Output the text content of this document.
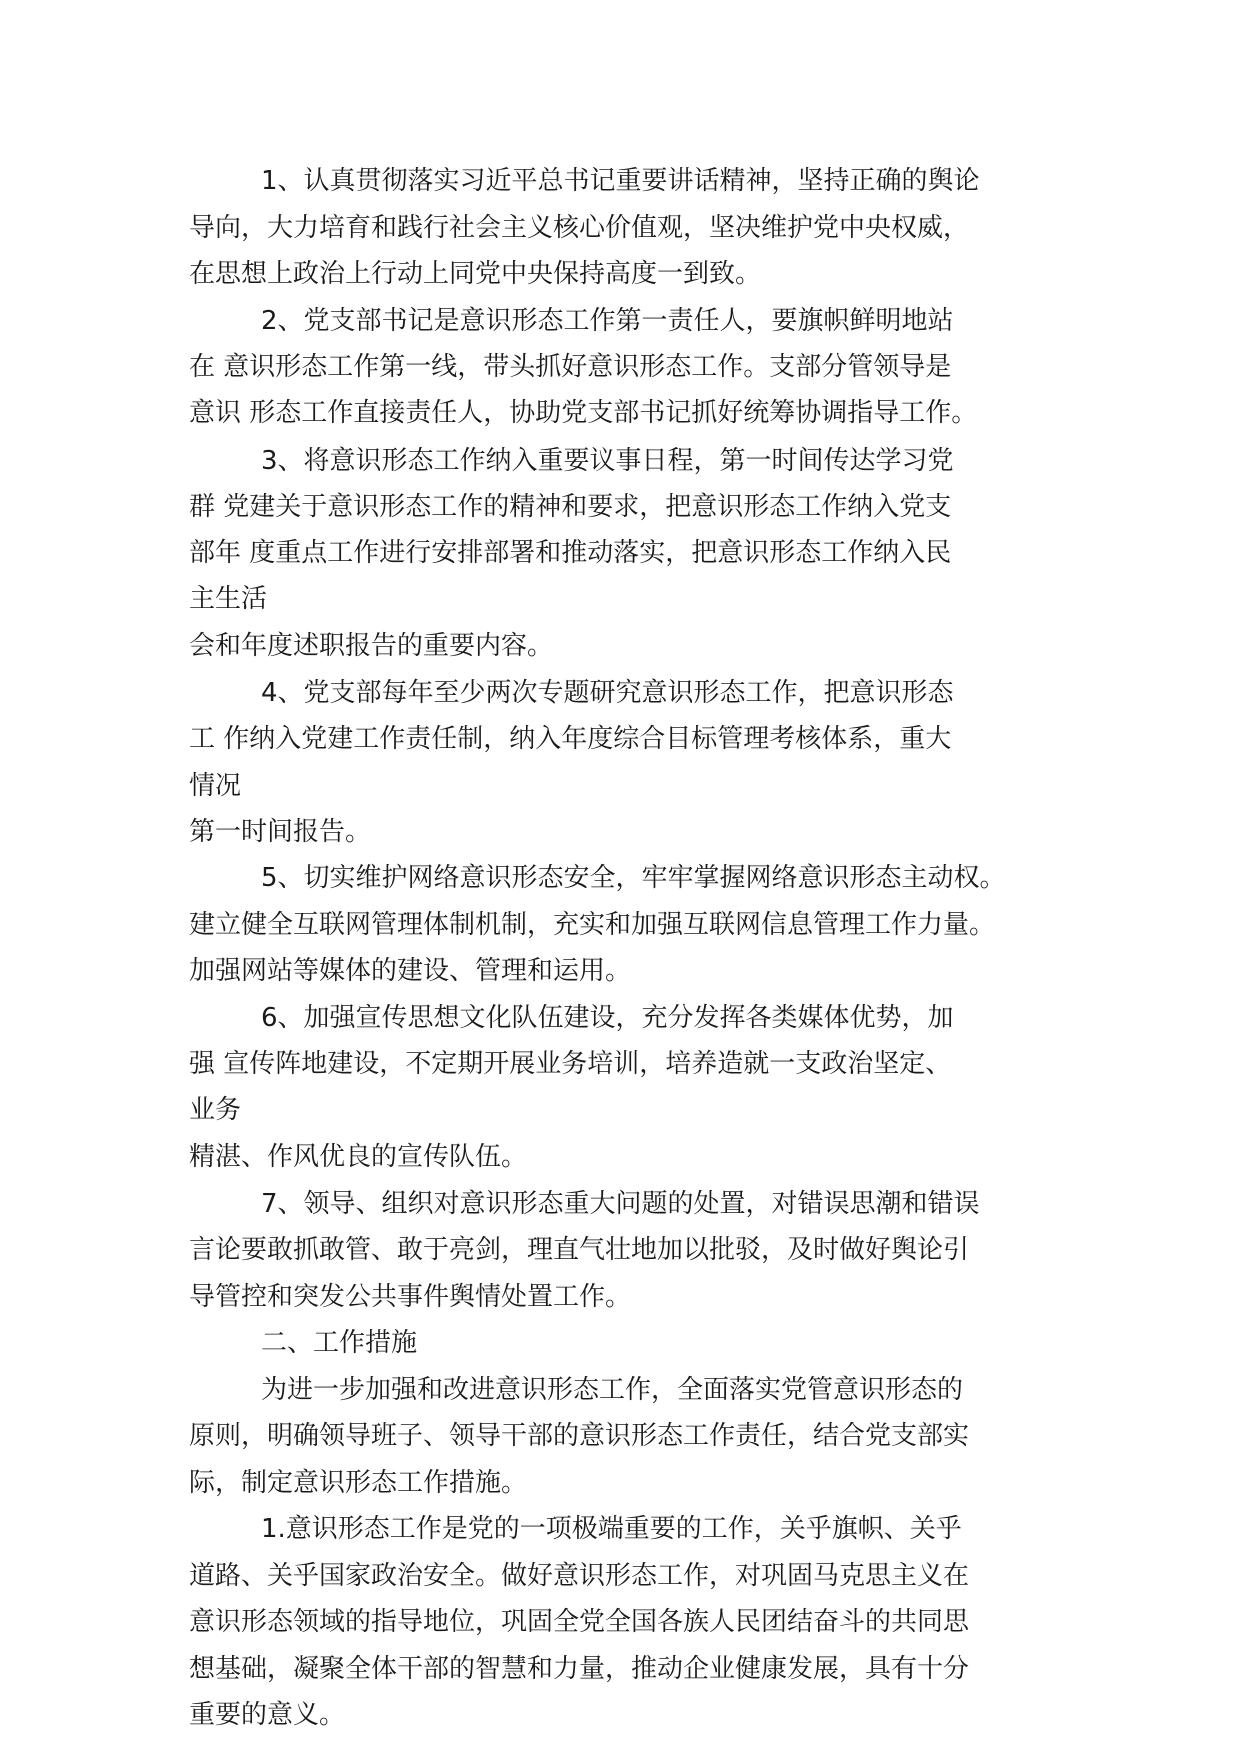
1、认真贯彻落实习近平总书记重要讲话精神，坚持正确的舆论
导向，大力培育和践行社会主义核心价值观，坚决维护党中央权威，
在思想上政治上行动上同党中央保持高度一到致。
2、党支部书记是意识形态工作第一责任人，要旗帜鲜明地站
在 意识形态工作第一线，带头抓好意识形态工作。支部分管领导是
意识 形态工作直接责任人，协助党支部书记抓好统筹协调指导工作。
3、将意识形态工作纳入重要议事日程，第一时间传达学习党
群 党建关于意识形态工作的精神和要求，把意识形态工作纳入党支
部年 度重点工作进行安排部署和推动落实，把意识形态工作纳入民
主生活
会和年度述职报告的重要内容。
4、党支部每年至少两次专题研究意识形态工作，把意识形态
工 作纳入党建工作责任制，纳入年度综合目标管理考核体系，重大
情况
第一时间报告。
5、切实维护网络意识形态安全，牢牢掌握网络意识形态主动权。
建立健全互联网管理体制机制，充实和加强互联网信息管理工作力量。
加强网站等媒体的建设、管理和运用。
6、加强宣传思想文化队伍建设，充分发挥各类媒体优势，加
强 宣传阵地建设，不定期开展业务培训，培养造就一支政治坚定、
业务
精湛、作风优良的宣传队伍。
7、领导、组织对意识形态重大问题的处置，对错误思潮和错误
言论要敢抓敢管、敢于亮剑，理直气壮地加以批驳，及时做好舆论引
导管控和突发公共事件舆情处置工作。
二、工作措施
为进一步加强和改进意识形态工作，全面落实党管意识形态的
原则，明确领导班子、领导干部的意识形态工作责任，结合党支部实
际，制定意识形态工作措施。
1.意识形态工作是党的一项极端重要的工作，关乎旗帜、关乎
道路、关乎国家政治安全。做好意识形态工作，对巩固马克思主义在
意识形态领域的指导地位，巩固全党全国各族人民团结奋斗的共同思
想基础，凝聚全体干部的智慧和力量，推动企业健康发展，具有十分
重要的意义。
